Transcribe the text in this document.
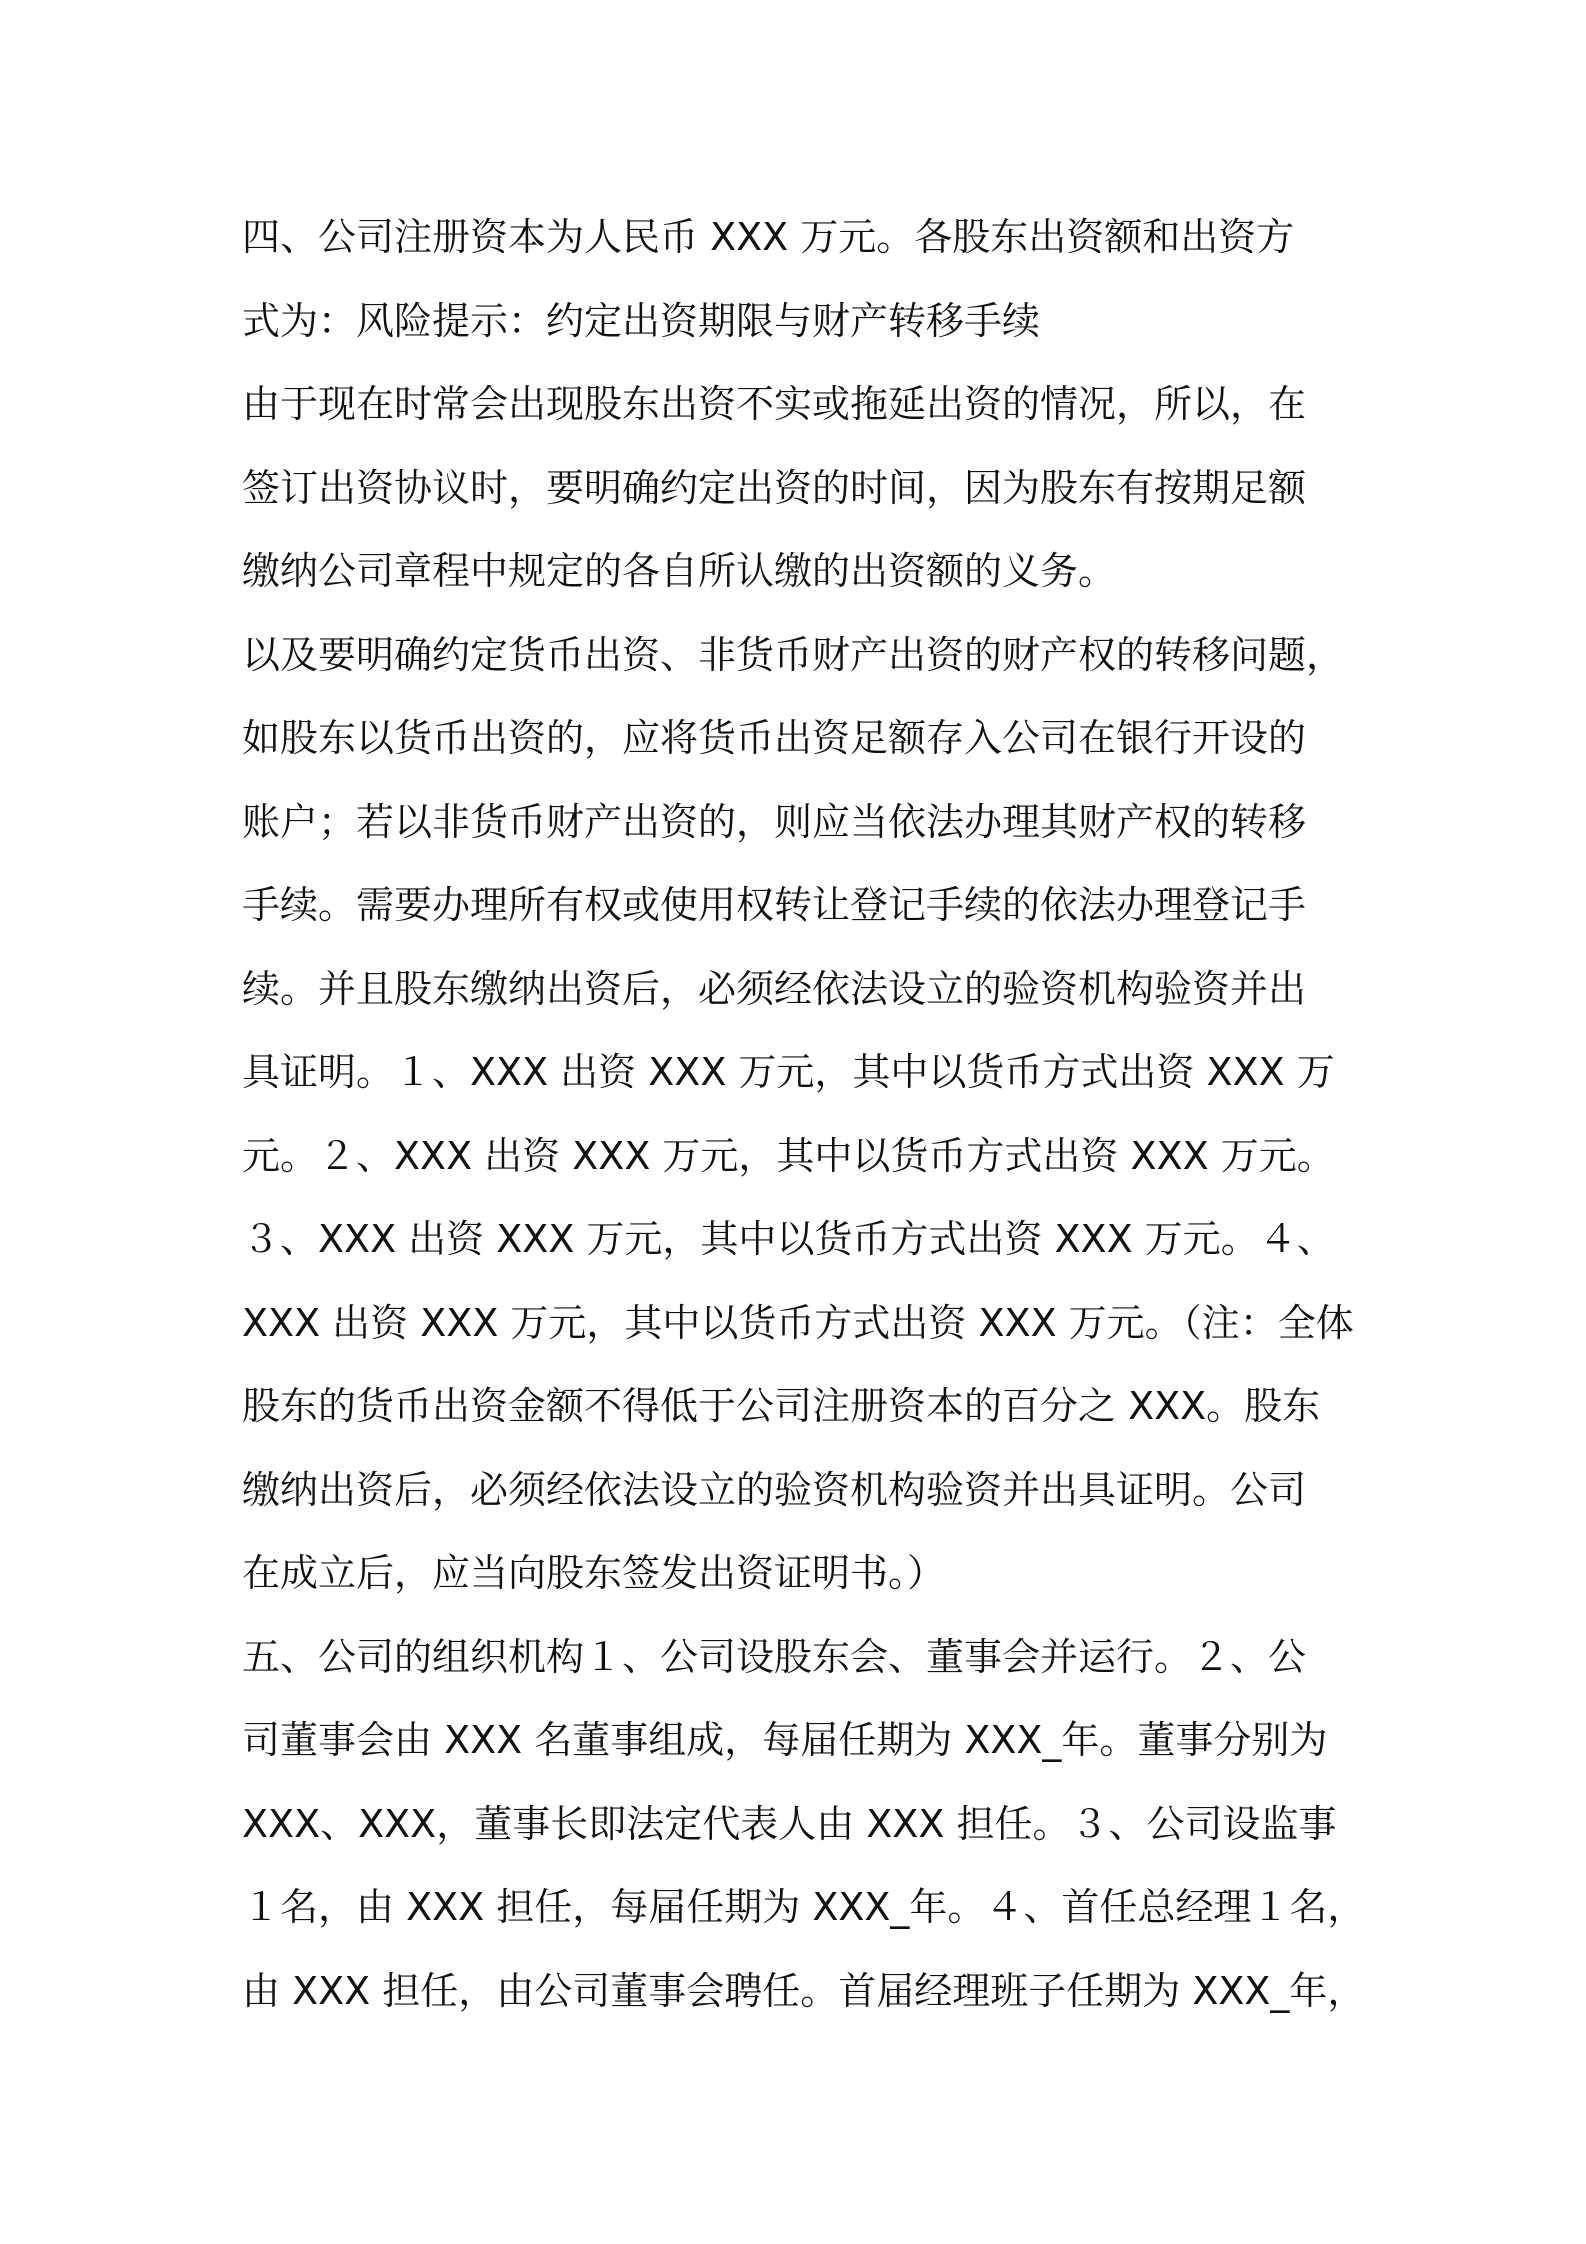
四、公司注册资本为人民币 XXX 万元。各股东出资额和出资方

式为：风险提示：约定出资期限与财产转移手续

由于现在时常会出现股东出资不实或拖延出资的情况，所以，在

签订出资协议时，要明确约定出资的时间，因为股东有按期足额

缴纳公司章程中规定的各自所认缴的出资额的义务。

以及要明确约定货币出资、非货币财产出资的财产权的转移问题，

如股东以货币出资的，应将货币出资足额存入公司在银行开设的

账户；若以非货币财产出资的，则应当依法办理其财产权的转移

手续。需要办理所有权或使用权转让登记手续的依法办理登记手

续。并且股东缴纳出资后，必须经依法设立的验资机构验资并出

具证明。１、XXX 出资 XXX 万元，其中以货币方式出资 XXX 万

元。２、XXX 出资 XXX 万元，其中以货币方式出资 XXX 万元。

３、XXX 出资 XXX 万元，其中以货币方式出资 XXX 万元。４、

XXX 出资 XXX 万元，其中以货币方式出资 XXX 万元。（注：全体

股东的货币出资金额不得低于公司注册资本的百分之 XXX。股东

缴纳出资后，必须经依法设立的验资机构验资并出具证明。公司

在成立后，应当向股东签发出资证明书。）

五、公司的组织机构１、公司设股东会、董事会并运行。２、公

司董事会由 XXX 名董事组成，每届任期为 XXX_年。董事分别为

XXX、XXX，董事长即法定代表人由 XXX 担任。３、公司设监事

１名，由 XXX 担任，每届任期为 XXX_年。４、首任总经理１名，

由 XXX 担任，由公司董事会聘任。首届经理班子任期为 XXX_年，
